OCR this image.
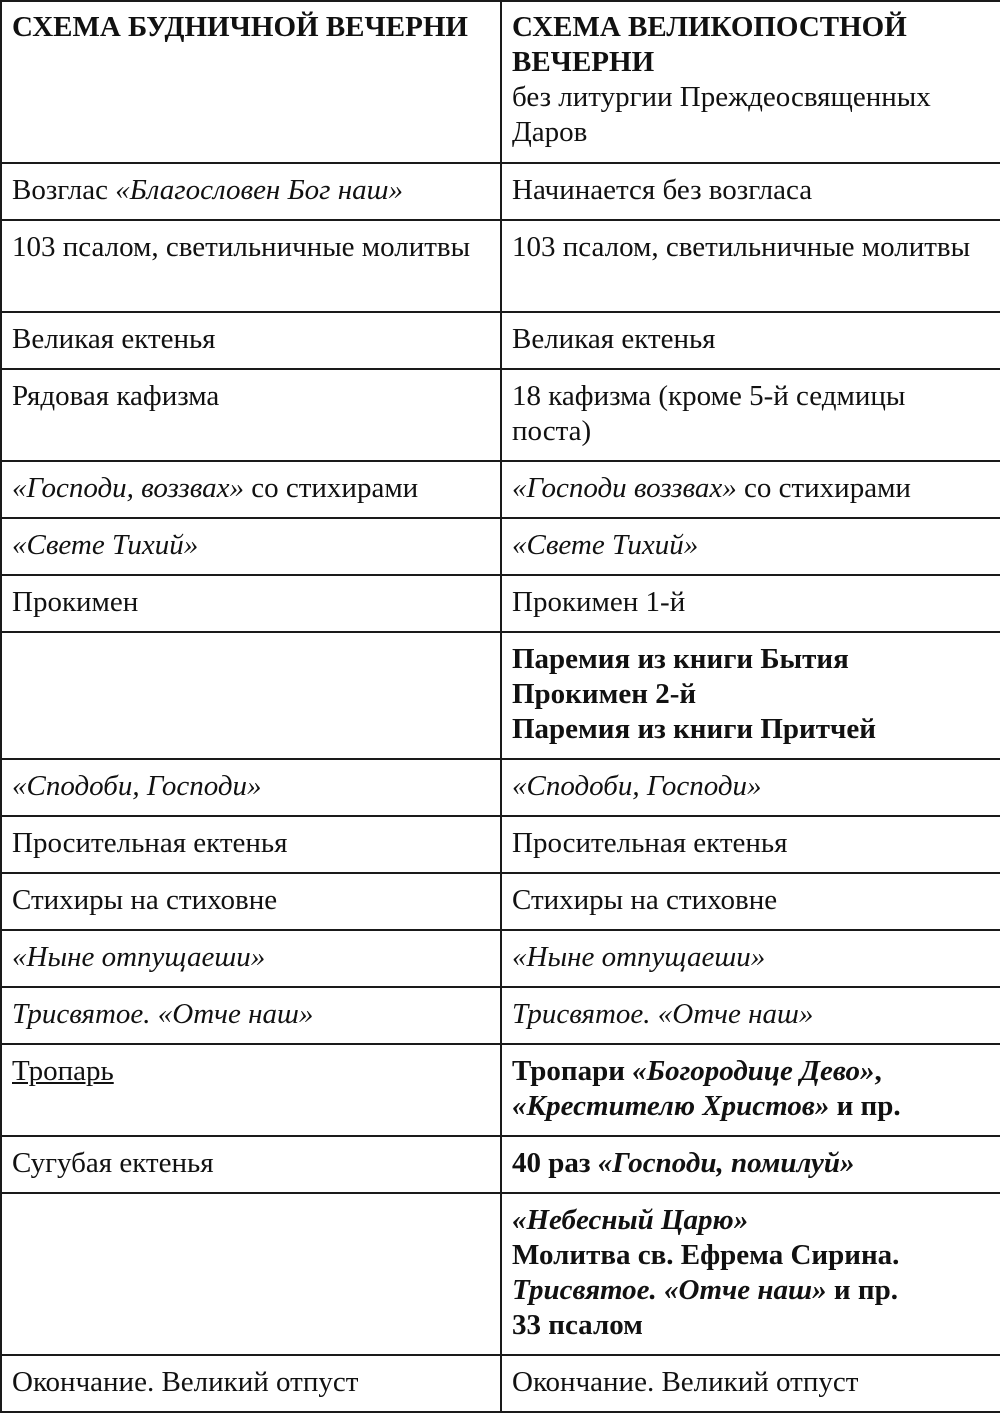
СХЕМА БУДНИЧНОЙ ВЕЧЕРНИ	СХЕМА ВЕЛИКОПОСТНОЙ ВЕЧЕРНИ
без литургии Преждеосвященных Даров

Возглас «Благословен Бог наш»	Начинается без возгласа
103 псалом, светильничные молитвы	103 псалом, светильничные молитвы
Великая ектенья	Великая ектенья
Рядовая кафизма	18 кафизма (кроме 5-й седмицы поста)
«Господи, воззвах» со стихирами	«Господи воззвах» со стихирами
«Свете Тихий»	«Свете Тихий»
Прокимен	Прокимен 1-й

	Паремия из книги Бытия
Прокимен 2-й
Паремия из книги Притчей

«Сподоби, Господи»	«Сподоби, Господи»
Просительная ектенья	Просительная ектенья
Стихиры на стиховне	Стихиры на стиховне
«Ныне отпущаеши»	«Ныне отпущаеши»
Трисвятое. «Отче наш»	Трисвятое. «Отче наш»
Тропарь	Тропари «Богородице Дево»,
«Крестителю Христов» и пр.
Сугубая ектенья	40 раз «Господи, помилуй»

	«Небесный Царю»
Молитва св. Ефрема Сирина.
Трисвятое. «Отче наш» и пр.
33 псалом

Окончание. Великий отпуст	Окончание. Великий отпуст
